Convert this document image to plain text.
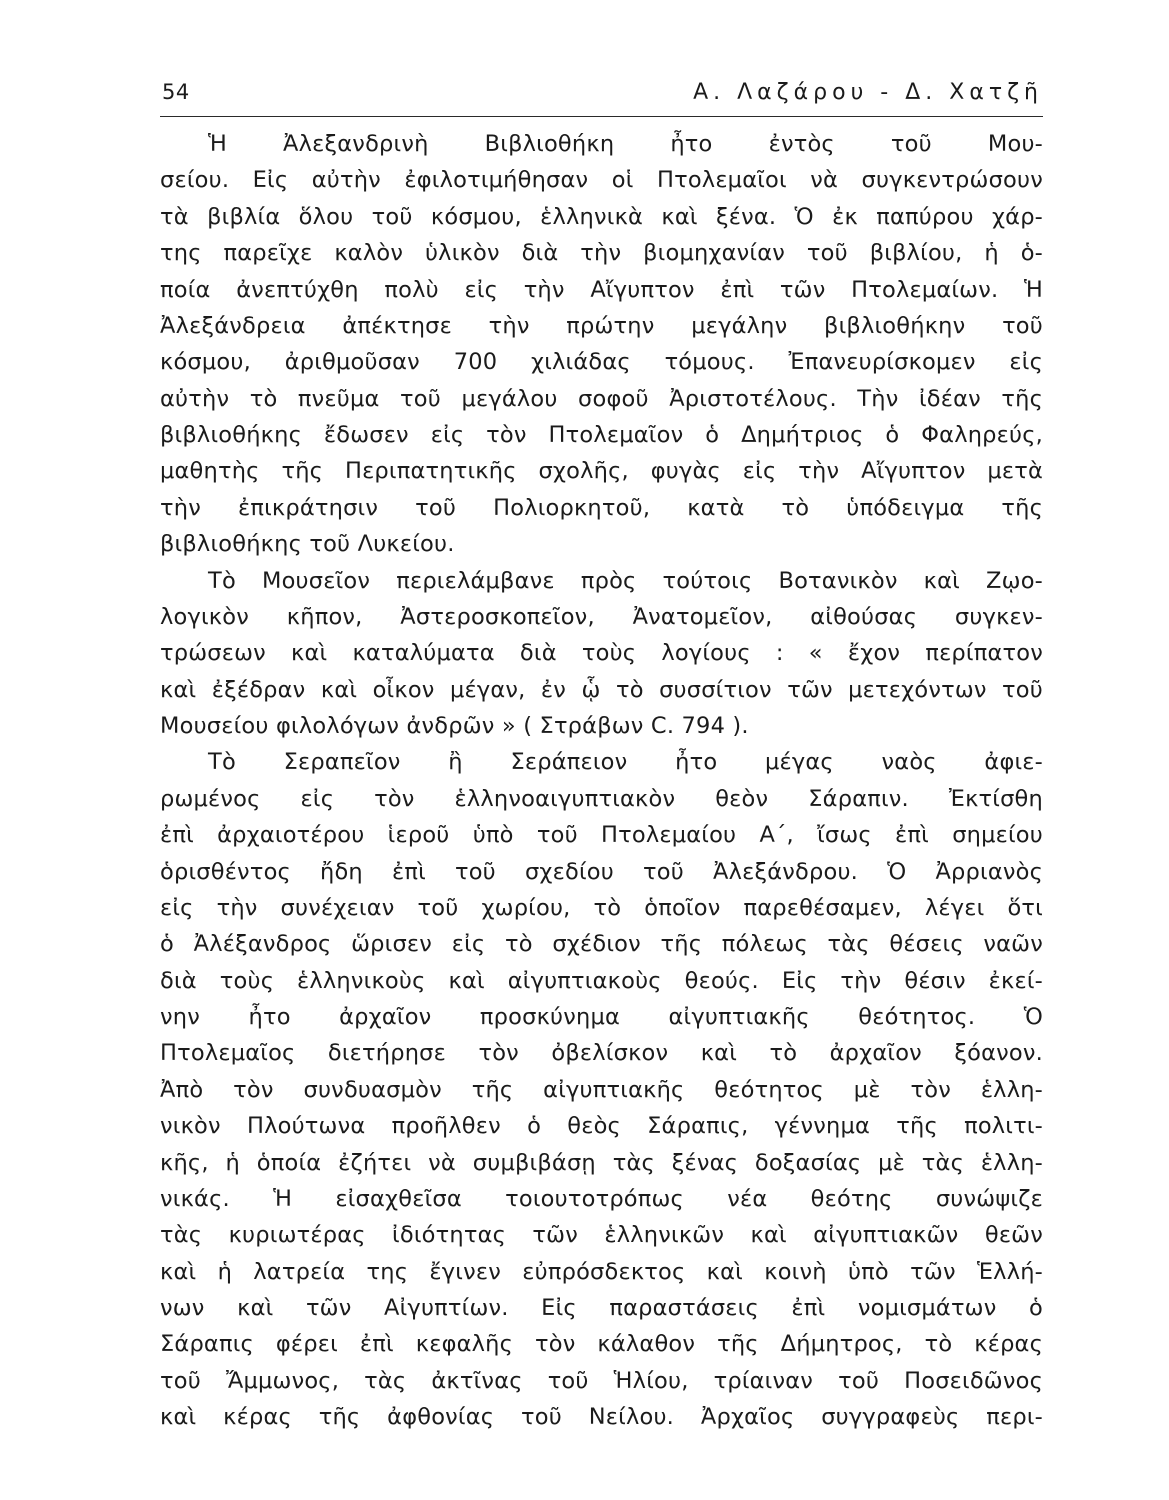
54	Α. Λαζάρου - Δ. Χατζῆ
Ἡ Ἀλεξανδρινὴ Βιβλιοθήκη ἦτο ἐντὸς τοῦ Μου-
σείου. Εἰς αὐτὴν ἐφιλοτιμήθησαν οἱ Πτολεμαῖοι νὰ συγκεντρώσουν
τὰ βιβλία ὅλου τοῦ κόσμου, ἑλληνικὰ καὶ ξένα. Ὁ ἐκ παπύρου χάρ-
της παρεῖχε καλὸν ὑλικὸν διὰ τὴν βιομηχανίαν τοῦ βιβλίου, ἡ ὁ-
ποία ἀνεπτύχθη πολὺ εἰς τὴν Αἴγυπτον ἐπὶ τῶν Πτολεμαίων. Ἡ
Ἀλεξάνδρεια ἀπέκτησε τὴν πρώτην μεγάλην βιβλιοθήκην τοῦ
κόσμου, ἀριθμοῦσαν 700 χιλιάδας τόμους. Ἐπανευρίσκομεν εἰς
αὐτὴν τὸ πνεῦμα τοῦ μεγάλου σοφοῦ Ἀριστοτέλους. Τὴν ἰδέαν τῆς
βιβλιοθήκης ἔδωσεν εἰς τὸν Πτολεμαῖον ὁ Δημήτριος ὁ Φαληρεύς,
μαθητὴς τῆς Περιπατητικῆς σχολῆς, φυγὰς εἰς τὴν Αἴγυπτον μετὰ
τὴν ἐπικράτησιν τοῦ Πολιορκητοῦ, κατὰ τὸ ὑπόδειγμα τῆς
βιβλιοθήκης τοῦ Λυκείου.
Τὸ Μουσεῖον περιελάμβανε πρὸς τούτοις Βοτανικὸν καὶ Ζῳο-
λογικὸν κῆπον, Ἀστεροσκοπεῖον, Ἀνατομεῖον, αἰθούσας συγκεν-
τρώσεων καὶ καταλύματα διὰ τοὺς λογίους : « ἔχον περίπατον
καὶ ἐξέδραν καὶ οἶκον μέγαν, ἐν ᾧ τὸ συσσίτιον τῶν μετεχόντων τοῦ
Μουσείου φιλολόγων ἀνδρῶν » ( Στράβων C. 794 ).
Τὸ Σεραπεῖον ἢ Σεράπειον ἦτο μέγας ναὸς ἀφιε-
ρωμένος εἰς τὸν ἑλληνοαιγυπτιακὸν θεὸν Σάραπιν. Ἐκτίσθη
ἐπὶ ἀρχαιοτέρου ἱεροῦ ὑπὸ τοῦ Πτολεμαίου Α΄, ἴσως ἐπὶ σημείου
ὁρισθέντος ἤδη ἐπὶ τοῦ σχεδίου τοῦ Ἀλεξάνδρου. Ὁ Ἀρριανὸς
εἰς τὴν συνέχειαν τοῦ χωρίου, τὸ ὁποῖον παρεθέσαμεν, λέγει ὅτι
ὁ Ἀλέξανδρος ὥρισεν εἰς τὸ σχέδιον τῆς πόλεως τὰς θέσεις ναῶν
διὰ τοὺς ἑλληνικοὺς καὶ αἰγυπτιακοὺς θεούς. Εἰς τὴν θέσιν ἐκεί-
νην ἦτο ἀρχαῖον προσκύνημα αἰγυπτιακῆς θεότητος. Ὁ
Πτολεμαῖος διετήρησε τὸν ὀβελίσκον καὶ τὸ ἀρχαῖον ξόανον.
Ἀπὸ τὸν συνδυασμὸν τῆς αἰγυπτιακῆς θεότητος μὲ τὸν ἑλλη-
νικὸν Πλούτωνα προῆλθεν ὁ θεὸς Σάραπις, γέννημα τῆς πολιτι-
κῆς, ἡ ὁποία ἐζήτει νὰ συμβιβάσῃ τὰς ξένας δοξασίας μὲ τὰς ἑλλη-
νικάς. Ἡ εἰσαχθεῖσα τοιουτοτρόπως νέα θεότης συνώψιζε
τὰς κυριωτέρας ἰδιότητας τῶν ἑλληνικῶν καὶ αἰγυπτιακῶν θεῶν
καὶ ἡ λατρεία της ἔγινεν εὐπρόσδεκτος καὶ κοινὴ ὑπὸ τῶν Ἑλλή-
νων καὶ τῶν Αἰγυπτίων. Εἰς παραστάσεις ἐπὶ νομισμάτων ὁ
Σάραπις φέρει ἐπὶ κεφαλῆς τὸν κάλαθον τῆς Δήμητρος, τὸ κέρας
τοῦ Ἄμμωνος, τὰς ἀκτῖνας τοῦ Ἡλίου, τρίαιναν τοῦ Ποσειδῶνος
καὶ κέρας τῆς ἀφθονίας τοῦ Νείλου. Ἀρχαῖος συγγραφεὺς περι-
